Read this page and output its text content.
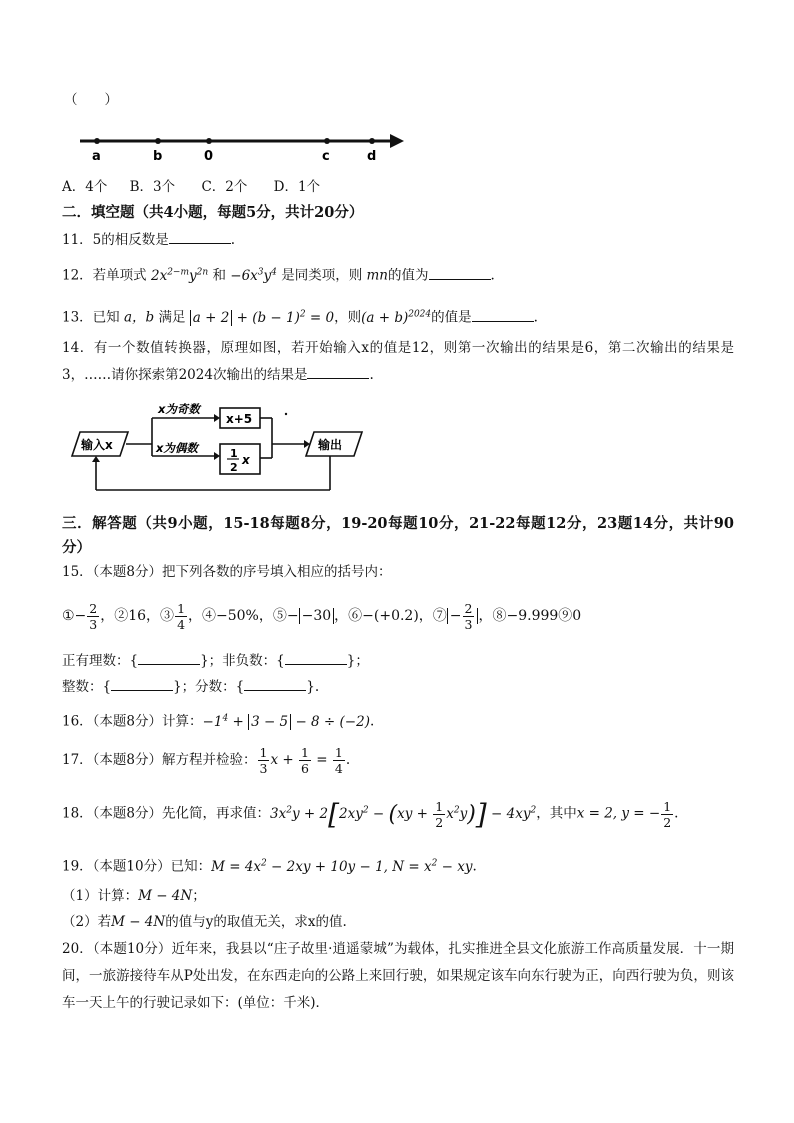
（　　）
a	b	0	c	d
A．4个 B．3个 C．2个 D．1个
二．填空题（共4小题，每题5分，共计20分）
11．5的相反数是	.
12．若单项式 $2x^{2-m}y^{2n}$ 和 $-6x^3y^4$ 是同类项，则 mn的值为	.
13．已知 a，b 满足 $a + 2 + (b - 1)^2 = 0$，则$(a + b)^{2024}$的值是	.
14．有一个数值转换器，原理如图，若开始输入x的值是12，则第一次输出的结果是6，第二次输出的结果是3，……请你探索第2024次输出的结果是	.
输入x
x为奇数
x为偶数
x+5
1
2
x
输出
三．解答题（共9小题，15-18每题8分，19-20每题10分，21-22每题12分，23题14分，共计90分）
15．（本题8分）把下列各数的序号填入相应的括号内：
①− $\frac{2}{3}$ ，②16，③ $\frac{1}{4}$ ，④−50%，⑤− −30 ，⑥−(+0.2)，⑦ − $\frac{2}{3}$ ，⑧−9.999⑨0
正有理数：{	}；非负数：{	}；
整数：{	}；分数：{	}.
16．（本题8分）计算：$-1^4 + 3 - 5 - 8 \div (-2)$.
17．（本题8分）解方程并检验： $\frac{1}{3}$ $x + \frac{1}{6} = \frac{1}{4}$ .
18．（本题8分）先化简，再求值：$3x^2y + 2[2xy^2 - (xy + \frac{1}{2} x^2y)] - 4xy^2$，其中x = 2, y = − $\frac{1}{2}$ .
19．（本题10分）已知：$M = 4x^2 - 2xy + 10y - 1$, $N = x^2$ − xy.
（1）计算：M − 4N；
（2）若M − 4N的值与y的取值无关，求x的值.
20．（本题10分）近年来，我县以“庄子故里·逍遥蒙城”为载体，扎实推进全县文化旅游工作高质量发展．十一期间，一旅游接待车从P处出发，在东西走向的公路上来回行驶，如果规定该车向东行驶为正，向西行驶为负，则该车一天上午的行驶记录如下：(单位：千米)．
